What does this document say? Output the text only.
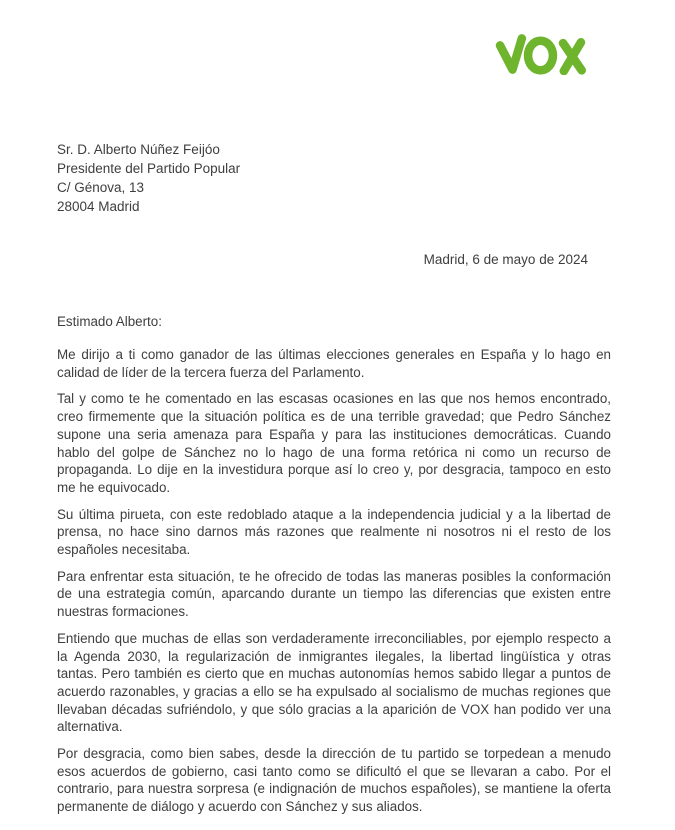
Sr. D. Alberto Núñez Feijóo
Presidente del Partido Popular
C/ Génova, 13
28004 Madrid
Madrid, 6 de mayo de 2024
Estimado Alberto:

Me dirijo a ti como ganador de las últimas elecciones generales en España y lo hago en calidad de líder de la tercera fuerza del Parlamento.

Tal y como te he comentado en las escasas ocasiones en las que nos hemos encontrado, creo firmemente que la situación política es de una terrible gravedad; que Pedro Sánchez supone una seria amenaza para España y para las instituciones democráticas. Cuando hablo del golpe de Sánchez no lo hago de una forma retórica ni como un recurso de propaganda. Lo dije en la investidura porque así lo creo y, por desgracia, tampoco en esto me he equivocado.

Su última pirueta, con este redoblado ataque a la independencia judicial y a la libertad de prensa, no hace sino darnos más razones que realmente ni nosotros ni el resto de los españoles necesitaba.

Para enfrentar esta situación, te he ofrecido de todas las maneras posibles la conformación de una estrategia común, aparcando durante un tiempo las diferencias que existen entre nuestras formaciones.

Entiendo que muchas de ellas son verdaderamente irreconciliables, por ejemplo respecto a la Agenda 2030, la regularización de inmigrantes ilegales, la libertad lingüística y otras tantas. Pero también es cierto que en muchas autonomías hemos sabido llegar a puntos de acuerdo razonables, y gracias a ello se ha expulsado al socialismo de muchas regiones que llevaban décadas sufriéndolo, y que sólo gracias a la aparición de VOX han podido ver una alternativa.

Por desgracia, como bien sabes, desde la dirección de tu partido se torpedean a menudo esos acuerdos de gobierno, casi tanto como se dificultó el que se llevaran a cabo. Por el contrario, para nuestra sorpresa (e indignación de muchos españoles), se mantiene la oferta permanente de diálogo y acuerdo con Sánchez y sus aliados.
